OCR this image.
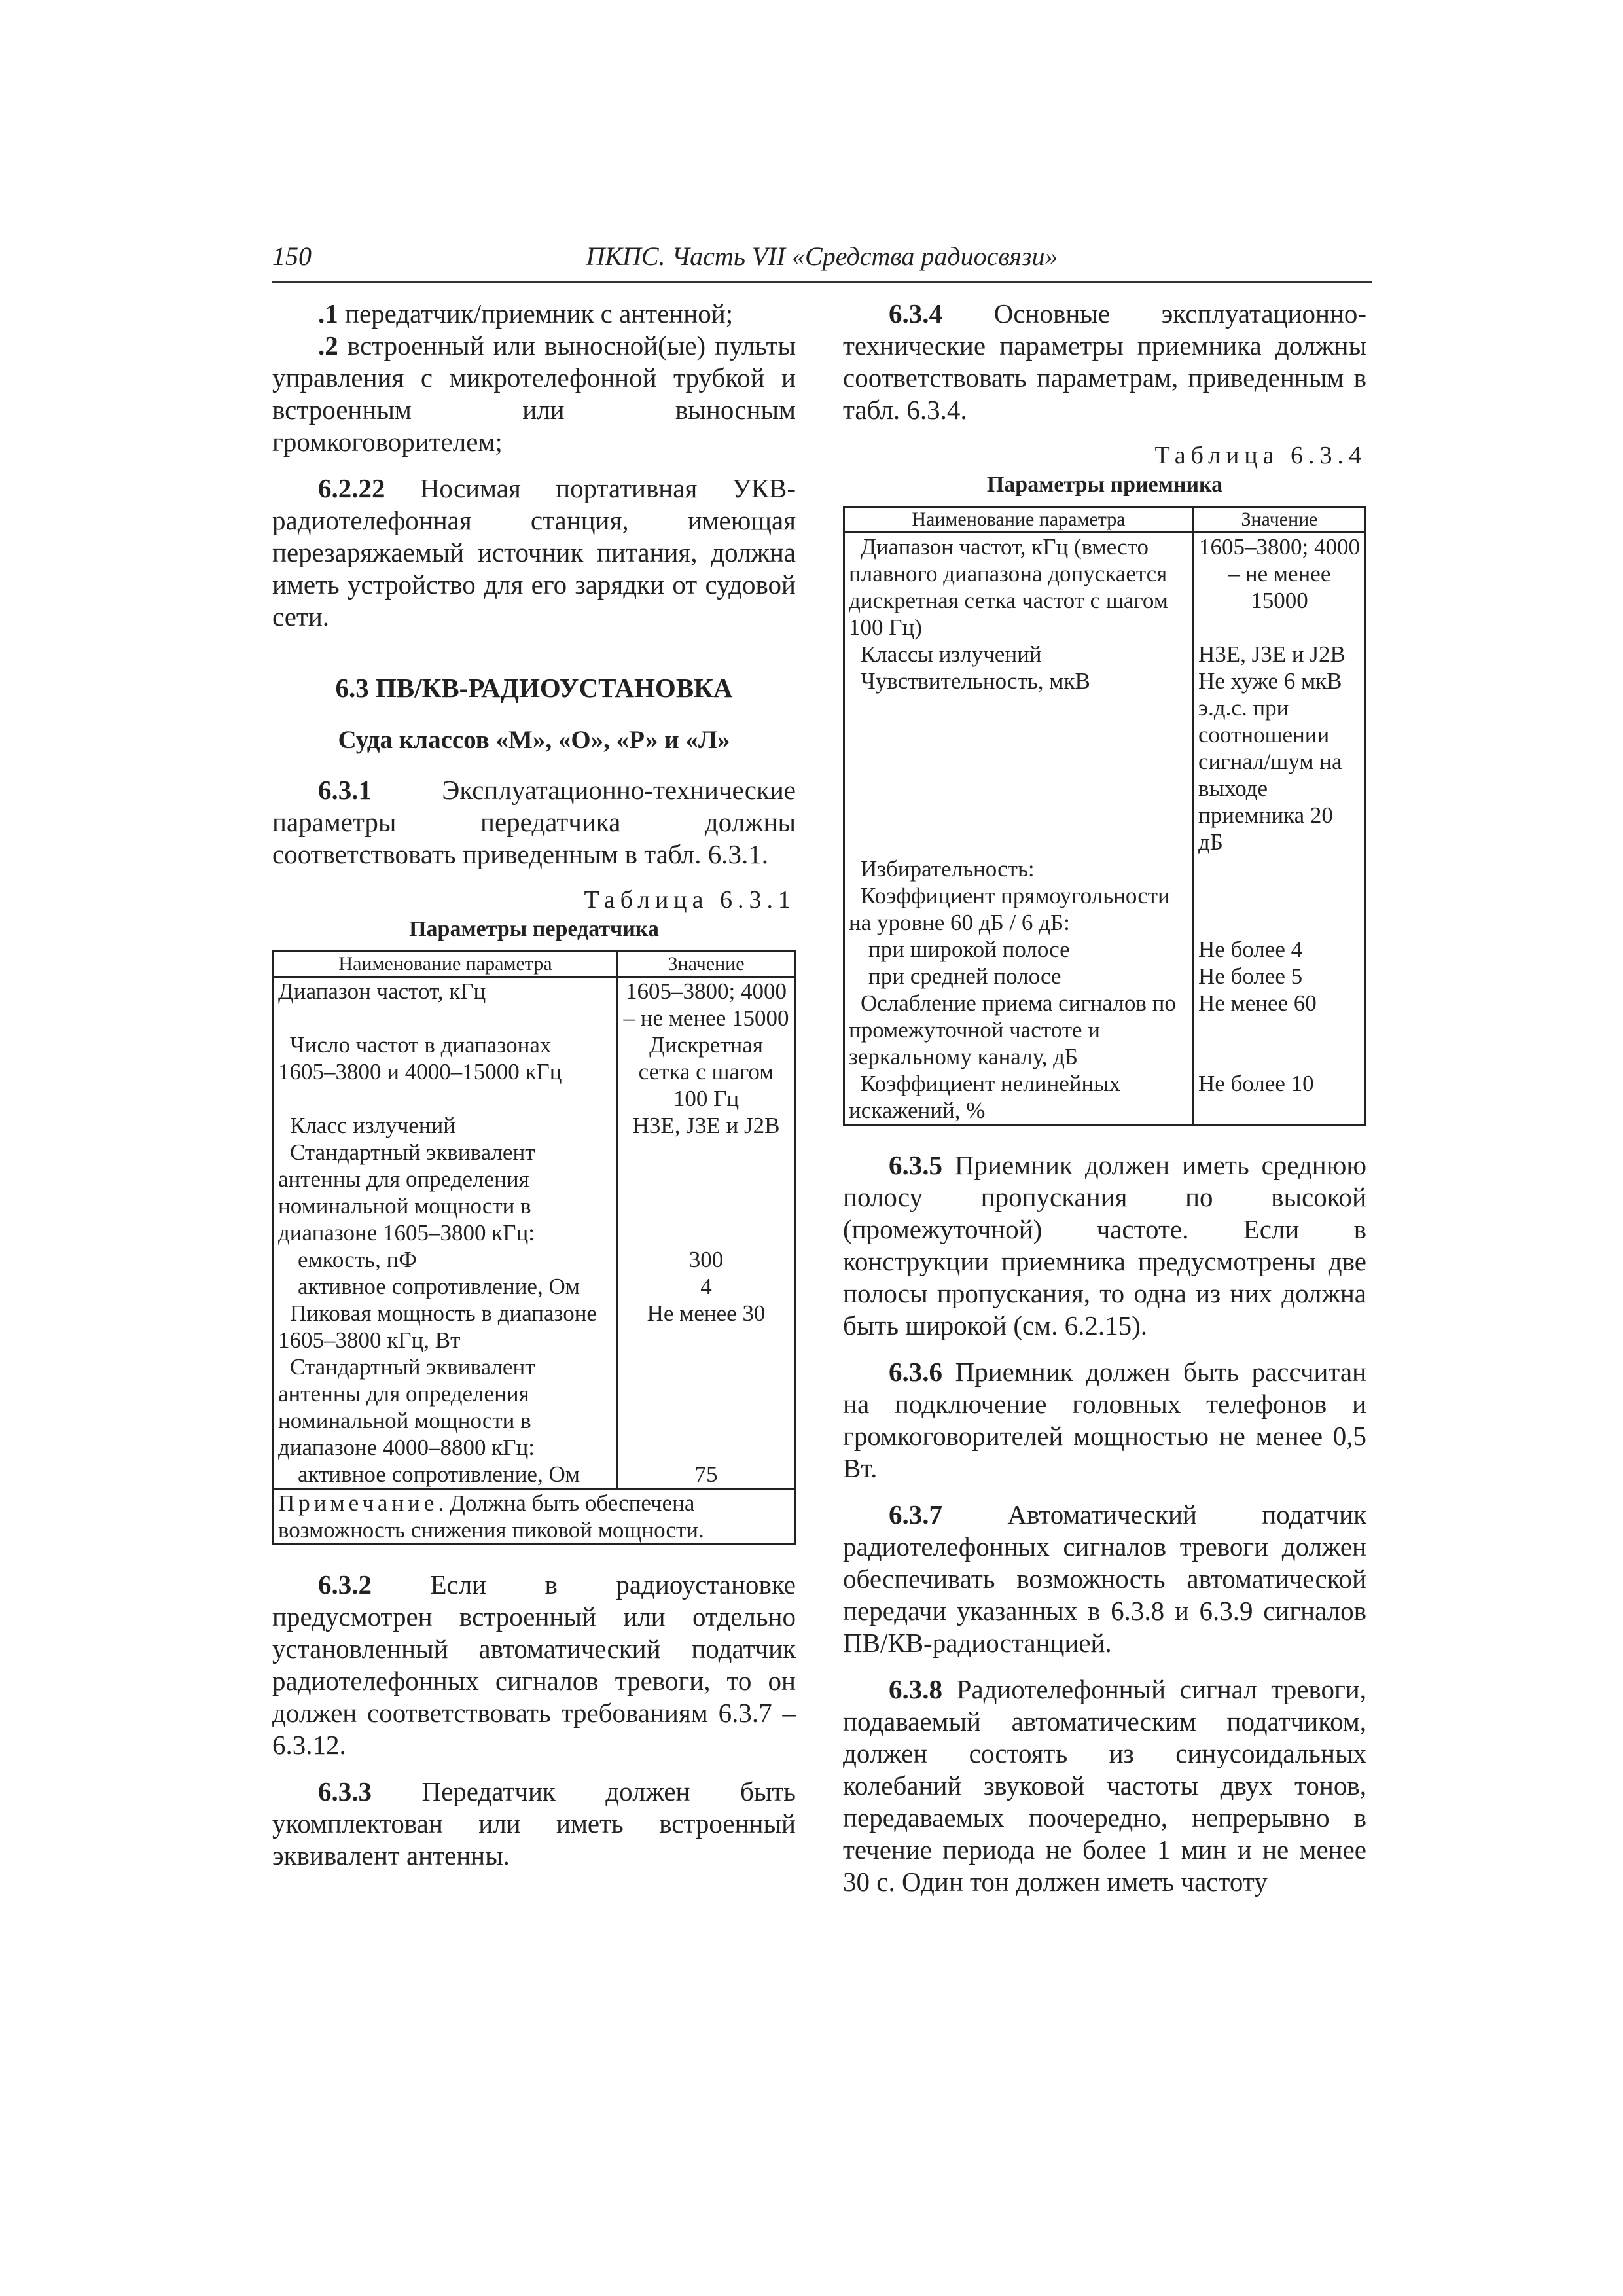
150	ПКПС. Часть VII «Средства радиосвязи»

.1 передатчик/приемник с антенной;

.2 встроенный или выносной(ые) пульты управления с микротелефонной трубкой и встроенным или выносным громкоговорителем;

6.2.22 Носимая портативная УКВ-радиотелефонная станция, имеющая перезаряжаемый источник питания, должна иметь устройство для его зарядки от судовой сети.

6.3 ПВ/КВ-РАДИОУСТАНОВКА
Суда классов «М», «О», «Р» и «Л»

6.3.1 Эксплуатационно-технические параметры передатчика должны соответствовать приведенным в табл. 6.3.1.

Таблица 6.3.1
Параметры передатчика
Наименование параметра	Значение
Диапазон частот, кГц	1605–3800; 4000 – не менее 15000
Число частот в диапазонах 1605–3800 и 4000–15000 кГц	Дискретная сетка с шагом 100 Гц
Класс излучений	H3E, J3E и J2B
Стандартный эквивалент антенны для определения номинальной мощности в диапазоне 1605–3800 кГц:	
емкость, пФ	300
активное сопротивление, Ом	4
Пиковая мощность в диапазоне 1605–3800 кГц, Вт	Не менее 30
Стандартный эквивалент антенны для определения номинальной мощности в диапазоне 4000–8800 кГц:	
активное сопротивление, Ом	75
Примечание. Должна быть обеспечена возможность снижения пиковой мощности.	

6.3.2 Если в радиоустановке предусмотрен встроенный или отдельно установленный автоматический податчик радиотелефонных сигналов тревоги, то он должен соответствовать требованиям 6.3.7 – 6.3.12.

6.3.3 Передатчик должен быть укомплектован или иметь встроенный эквивалент антенны.

6.3.4 Основные эксплуатационно-технические параметры приемника должны соответствовать параметрам, приведенным в табл. 6.3.4.

Таблица 6.3.4
Параметры приемника
Наименование параметра	Значение
Диапазон частот, кГц (вместо плавного диапазона допускается дискретная сетка частот с шагом 100 Гц)	1605–3800; 4000 – не менее 15000
Классы излучений	H3E, J3E и J2B
Чувствительность, мкВ	Не хуже 6 мкВ э.д.с. при соотношении сигнал/шум на выходе приемника 20 дБ
Избирательность:	
Коэффициент прямоугольности на уровне 60 дБ / 6 дБ:	
при широкой полосе	Не более 4
при средней полосе	Не более 5
Ослабление приема сигналов по промежуточной частоте и зеркальному каналу, дБ	Не менее 60
Коэффициент нелинейных искажений, %	Не более 10

6.3.5 Приемник должен иметь среднюю полосу пропускания по высокой (промежуточной) частоте. Если в конструкции приемника предусмотрены две полосы пропускания, то одна из них должна быть широкой (см. 6.2.15).

6.3.6 Приемник должен быть рассчитан на подключение головных телефонов и громкоговорителей мощностью не менее 0,5 Вт.

6.3.7 Автоматический податчик радиотелефонных сигналов тревоги должен обеспечивать возможность автоматической передачи указанных в 6.3.8 и 6.3.9 сигналов ПВ/КВ-радиостанцией.

6.3.8 Радиотелефонный сигнал тревоги, подаваемый автоматическим податчиком, должен состоять из синусоидальных колебаний звуковой частоты двух тонов, передаваемых поочередно, непрерывно в течение периода не более 1 мин и не менее 30 с. Один тон должен иметь частоту
